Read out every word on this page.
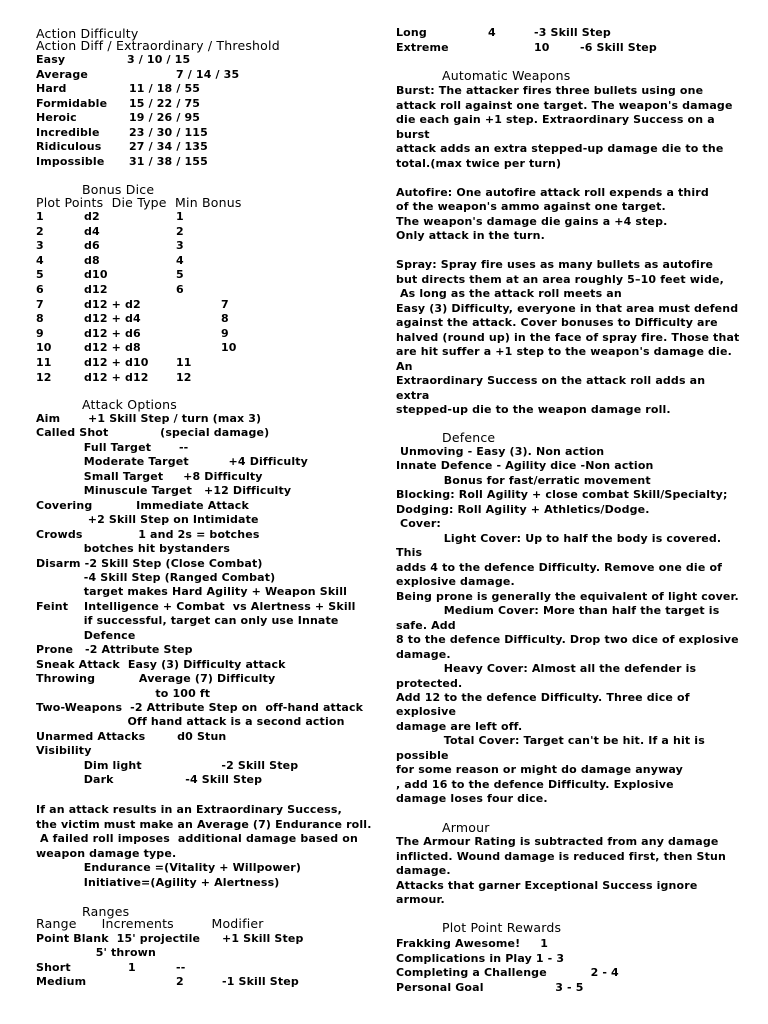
Action Difficulty
Action Diff / Extraordinary / Threshold
Easy	3 / 10 / 15
Average	7 / 14 / 35
Hard	11 / 18 / 55
Formidable 15 / 22 / 75
Heroic	19 / 26 / 95
Incredible	23 / 30 / 115
Ridiculous	27 / 34 / 135
Impossible 31 / 38 / 155
Bonus Dice
Plot Points  Die Type  Min Bonus
1	d2	1
2	d4	2
3	d6	3
4	d8	4
5	d10	5
6	d12	6
7	d12 + d2	7
8	d12 + d4	8
9	d12 + d6	9
10	d12 + d8	10
11	d12 + d10 11
12	d12 + d12 12
Attack Options
Aim       +1 Skill Step / turn (max 3)
Called Shot             (special damage)
Full Target       --
Moderate Target          +4 Difficulty
Small Target     +8 Difficulty
Minuscule Target   +12 Difficulty
Covering           Immediate Attack
+2 Skill Step on Intimidate
Crowds              1 and 2s = botches
botches hit bystanders
Disarm -2 Skill Step (Close Combat)
-4 Skill Step (Ranged Combat)
target makes Hard Agility + Weapon Skill
Feint    Intelligence + Combat  vs Alertness + Skill
if successful, target can only use Innate
Defence
Prone   -2 Attribute Step
Sneak Attack  Easy (3) Difficulty attack
Throwing           Average (7) Difficulty
to 100 ft
Two-Weapons  -2 Attribute Step on  off-hand attack
Off hand attack is a second action
Unarmed Attacks        d0 Stun
Visibility
Dim light                    -2 Skill Step
Dark                  -4 Skill Step
If an attack results in an Extraordinary Success,
the victim must make an Average (7) Endurance roll.
A failed roll imposes  additional damage based on
weapon damage type.
Endurance =(Vitality + Willpower)
Initiative=(Agility + Alertness)
Ranges
Range      Increments         Modifier
Point Blank  15' projectile +1 Skill Step
5' thrown
Short	1	--
Medium	2	-1 Skill Step
Long	4	-3 Skill Step
Extreme	10	-6 Skill Step
Automatic Weapons
Burst: The attacker fires three bullets using one
attack roll against one target. The weapon's damage
die each gain +1 step. Extraordinary Success on a
burst
attack adds an extra stepped-up damage die to the
total.(max twice per turn)
Autofire: One autofire attack roll expends a third
of the weapon's ammo against one target.
The weapon's damage die gains a +4 step.
Only attack in the turn.
Spray: Spray fire uses as many bullets as autofire
but directs them at an area roughly 5–10 feet wide,
As long as the attack roll meets an
Easy (3) Difficulty, everyone in that area must defend
against the attack. Cover bonuses to Difficulty are
halved (round up) in the face of spray fire. Those that
are hit suffer a +1 step to the weapon's damage die.
An
Extraordinary Success on the attack roll adds an
extra
stepped-up die to the weapon damage roll.
Defence
Unmoving - Easy (3). Non action
Innate Defence - Agility dice -Non action
Bonus for fast/erratic movement
Blocking: Roll Agility + close combat Skill/Specialty;
Dodging: Roll Agility + Athletics/Dodge.
Cover:
Light Cover: Up to half the body is covered.
This
adds 4 to the defence Difficulty. Remove one die of
explosive damage.
Being prone is generally the equivalent of light cover.
Medium Cover: More than half the target is
safe. Add
8 to the defence Difficulty. Drop two dice of explosive
damage.
Heavy Cover: Almost all the defender is
protected.
Add 12 to the defence Difficulty. Three dice of
explosive
damage are left off.
Total Cover: Target can't be hit. If a hit is
possible
for some reason or might do damage anyway
, add 16 to the defence Difficulty. Explosive
damage loses four dice.
Armour
The Armour Rating is subtracted from any damage
inflicted. Wound damage is reduced first, then Stun
damage.
Attacks that garner Exceptional Success ignore
armour.
Plot Point Rewards
Frakking Awesome!     1
Complications in Play 1 - 3
Completing a Challenge           2 - 4
Personal Goal                  3 - 5
